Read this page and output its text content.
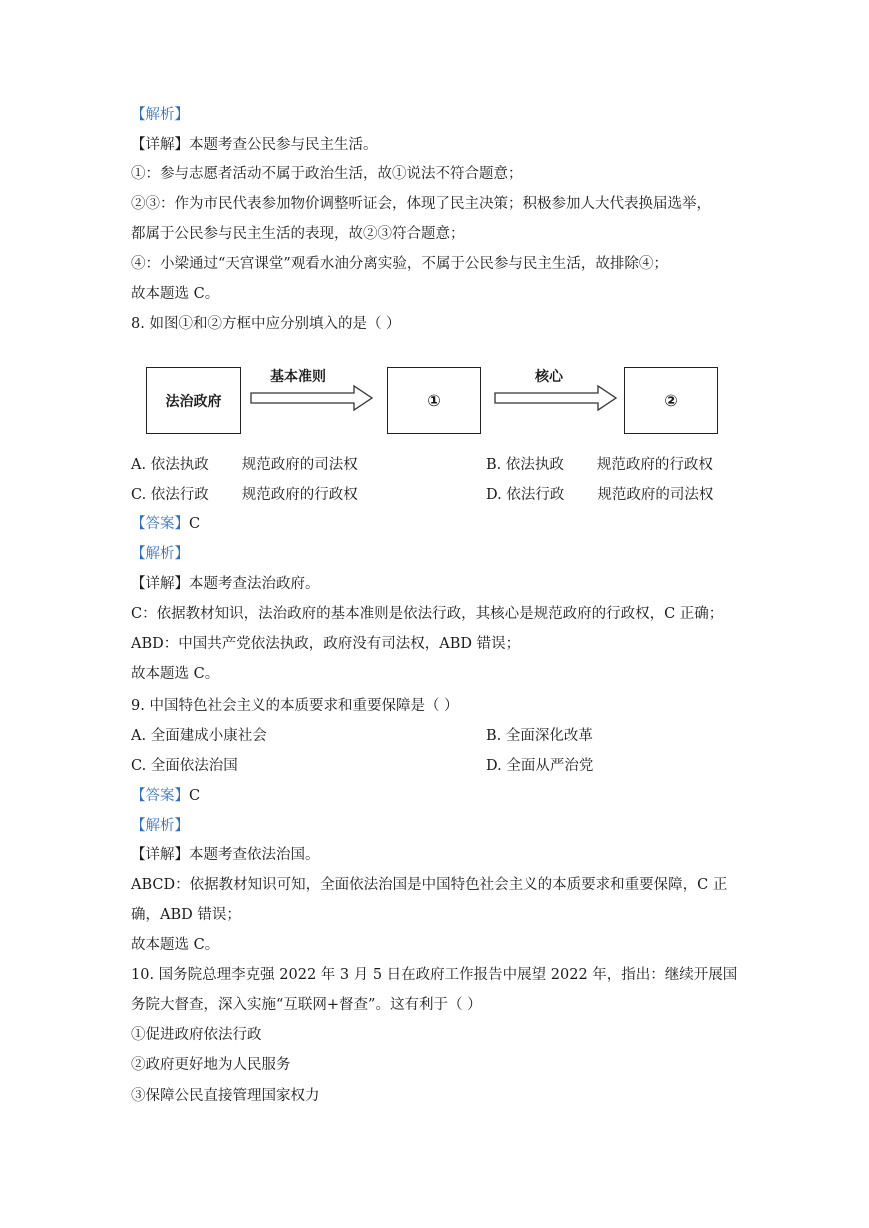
【解析】
【详解】本题考查公民参与民主生活。
①：参与志愿者活动不属于政治生活，故①说法不符合题意；
②③：作为市民代表参加物价调整听证会，体现了民主决策；积极参加人大代表换届选举，
都属于公民参与民主生活的表现，故②③符合题意；
④：小梁通过“天宫课堂”观看水油分离实验，不属于公民参与民主生活，故排除④；
故本题选 C。
8. 如图①和②方框中应分别填入的是（ ）
法治政府
基本准则
①
核心
②
A. 依法执政 规范政府的司法权	B. 依法执政 规范政府的行政权
C. 依法行政 规范政府的行政权	D. 依法行政 规范政府的司法权
【答案】C
【解析】
【详解】本题考查法治政府。
C：依据教材知识，法治政府的基本准则是依法行政，其核心是规范政府的行政权，C 正确；
ABD：中国共产党依法执政，政府没有司法权，ABD 错误；
故本题选 C。
9. 中国特色社会主义的本质要求和重要保障是（ ）
A. 全面建成小康社会	B. 全面深化改革
C. 全面依法治国	D. 全面从严治党
【答案】C
【解析】
【详解】本题考查依法治国。
ABCD：依据教材知识可知，全面依法治国是中国特色社会主义的本质要求和重要保障，C 正
确，ABD 错误；
故本题选 C。
10. 国务院总理李克强 2022 年 3 月 5 日在政府工作报告中展望 2022 年，指出：继续开展国
务院大督查，深入实施“互联网+督查”。这有利于（ ）
①促进政府依法行政
②政府更好地为人民服务
③保障公民直接管理国家权力
